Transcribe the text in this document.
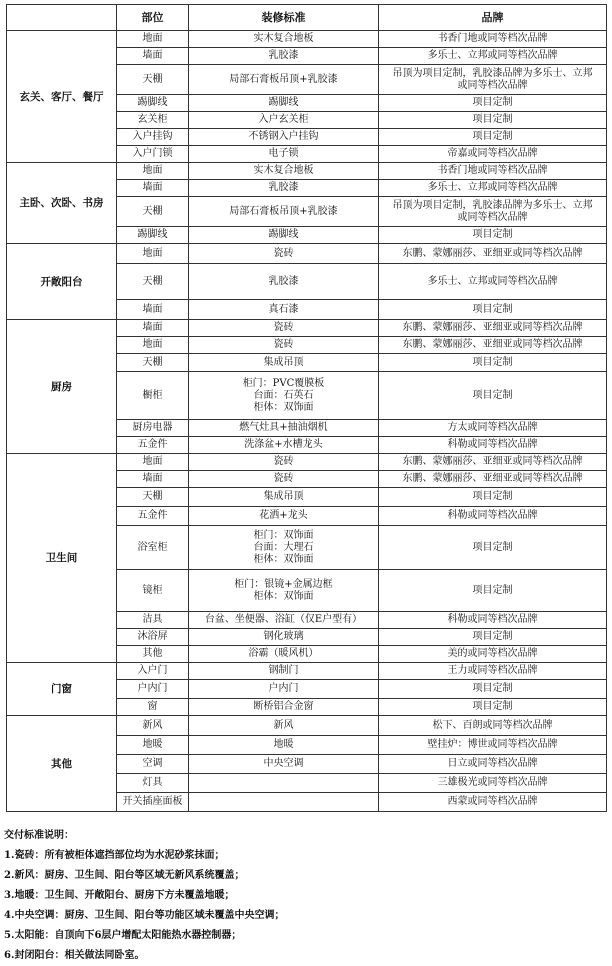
	部位	装修标准	品牌
玄关、客厅、餐厅	地面	实木复合地板	书香门地或同等档次品牌

	墙面	乳胶漆	多乐士、立邦或同等档次品牌

	天棚	局部石膏板吊顶+乳胶漆	吊顶为项目定制，乳胶漆品牌为多乐士、立邦
或同等档次品牌

	踢脚线	踢脚线	项目定制

	玄关柜	入户玄关柜	项目定制

	入户挂钩	不锈钢入户挂钩	项目定制

	入户门锁	电子锁	帝嘉或同等档次品牌

主卧、次卧、书房	地面	实木复合地板	书香门地或同等档次品牌

	墙面	乳胶漆	多乐士、立邦或同等档次品牌

	天棚	局部石膏板吊顶+乳胶漆	吊顶为项目定制，乳胶漆品牌为多乐士、立邦
或同等档次品牌

	踢脚线	踢脚线	项目定制

开敞阳台	地面	瓷砖	东鹏、蒙娜丽莎、亚细亚或同等档次品牌

	天棚	乳胶漆	多乐士、立邦或同等档次品牌

	墙面	真石漆	项目定制

厨房	墙面	瓷砖	东鹏、蒙娜丽莎、亚细亚或同等档次品牌

	地面	瓷砖	东鹏、蒙娜丽莎、亚细亚或同等档次品牌

	天棚	集成吊顶	项目定制

	橱柜	柜门：PVC覆膜板
台面：石英石
柜体：双饰面	项目定制

	厨房电器	燃气灶具+抽油烟机	方太或同等档次品牌

	五金件	洗涤盆+水槽龙头	科勒或同等档次品牌

卫生间	地面	瓷砖	东鹏、蒙娜丽莎、亚细亚或同等档次品牌

	墙面	瓷砖	东鹏、蒙娜丽莎、亚细亚或同等档次品牌

	天棚	集成吊顶	项目定制

	五金件	花洒+龙头	科勒或同等档次品牌

	浴室柜	柜门：双饰面
台面：大理石
柜体：双饰面	项目定制

	镜柜	柜门：银镜+金属边框
柜体：双饰面	项目定制

	洁具	台盆、坐便器、浴缸（仅E户型有）	科勒或同等档次品牌

	沐浴屏	钢化玻璃	项目定制

	其他	浴霸（暖风机）	美的或同等档次品牌

门窗	入户门	钢制门	王力或同等档次品牌

	户内门	户内门	项目定制

	窗	断桥铝合金窗	项目定制

其他	新风	新风	松下、百朗或同等档次品牌

	地暖	地暖	壁挂炉：博世或同等档次品牌

	空调	中央空调	日立或同等档次品牌

	灯具		三雄极光或同等档次品牌

	开关插座面板		西蒙或同等档次品牌
交付标准说明：
1.瓷砖：所有被柜体遮挡部位均为水泥砂浆抹面；
2.新风：厨房、卫生间、阳台等区域无新风系统覆盖；
3.地暖：卫生间、开敞阳台、厨房下方未覆盖地暖；
4.中央空调：厨房、卫生间、阳台等功能区域未覆盖中央空调；
5.太阳能：自顶向下6层户增配太阳能热水器控制器；
6.封闭阳台：相关做法同卧室。
